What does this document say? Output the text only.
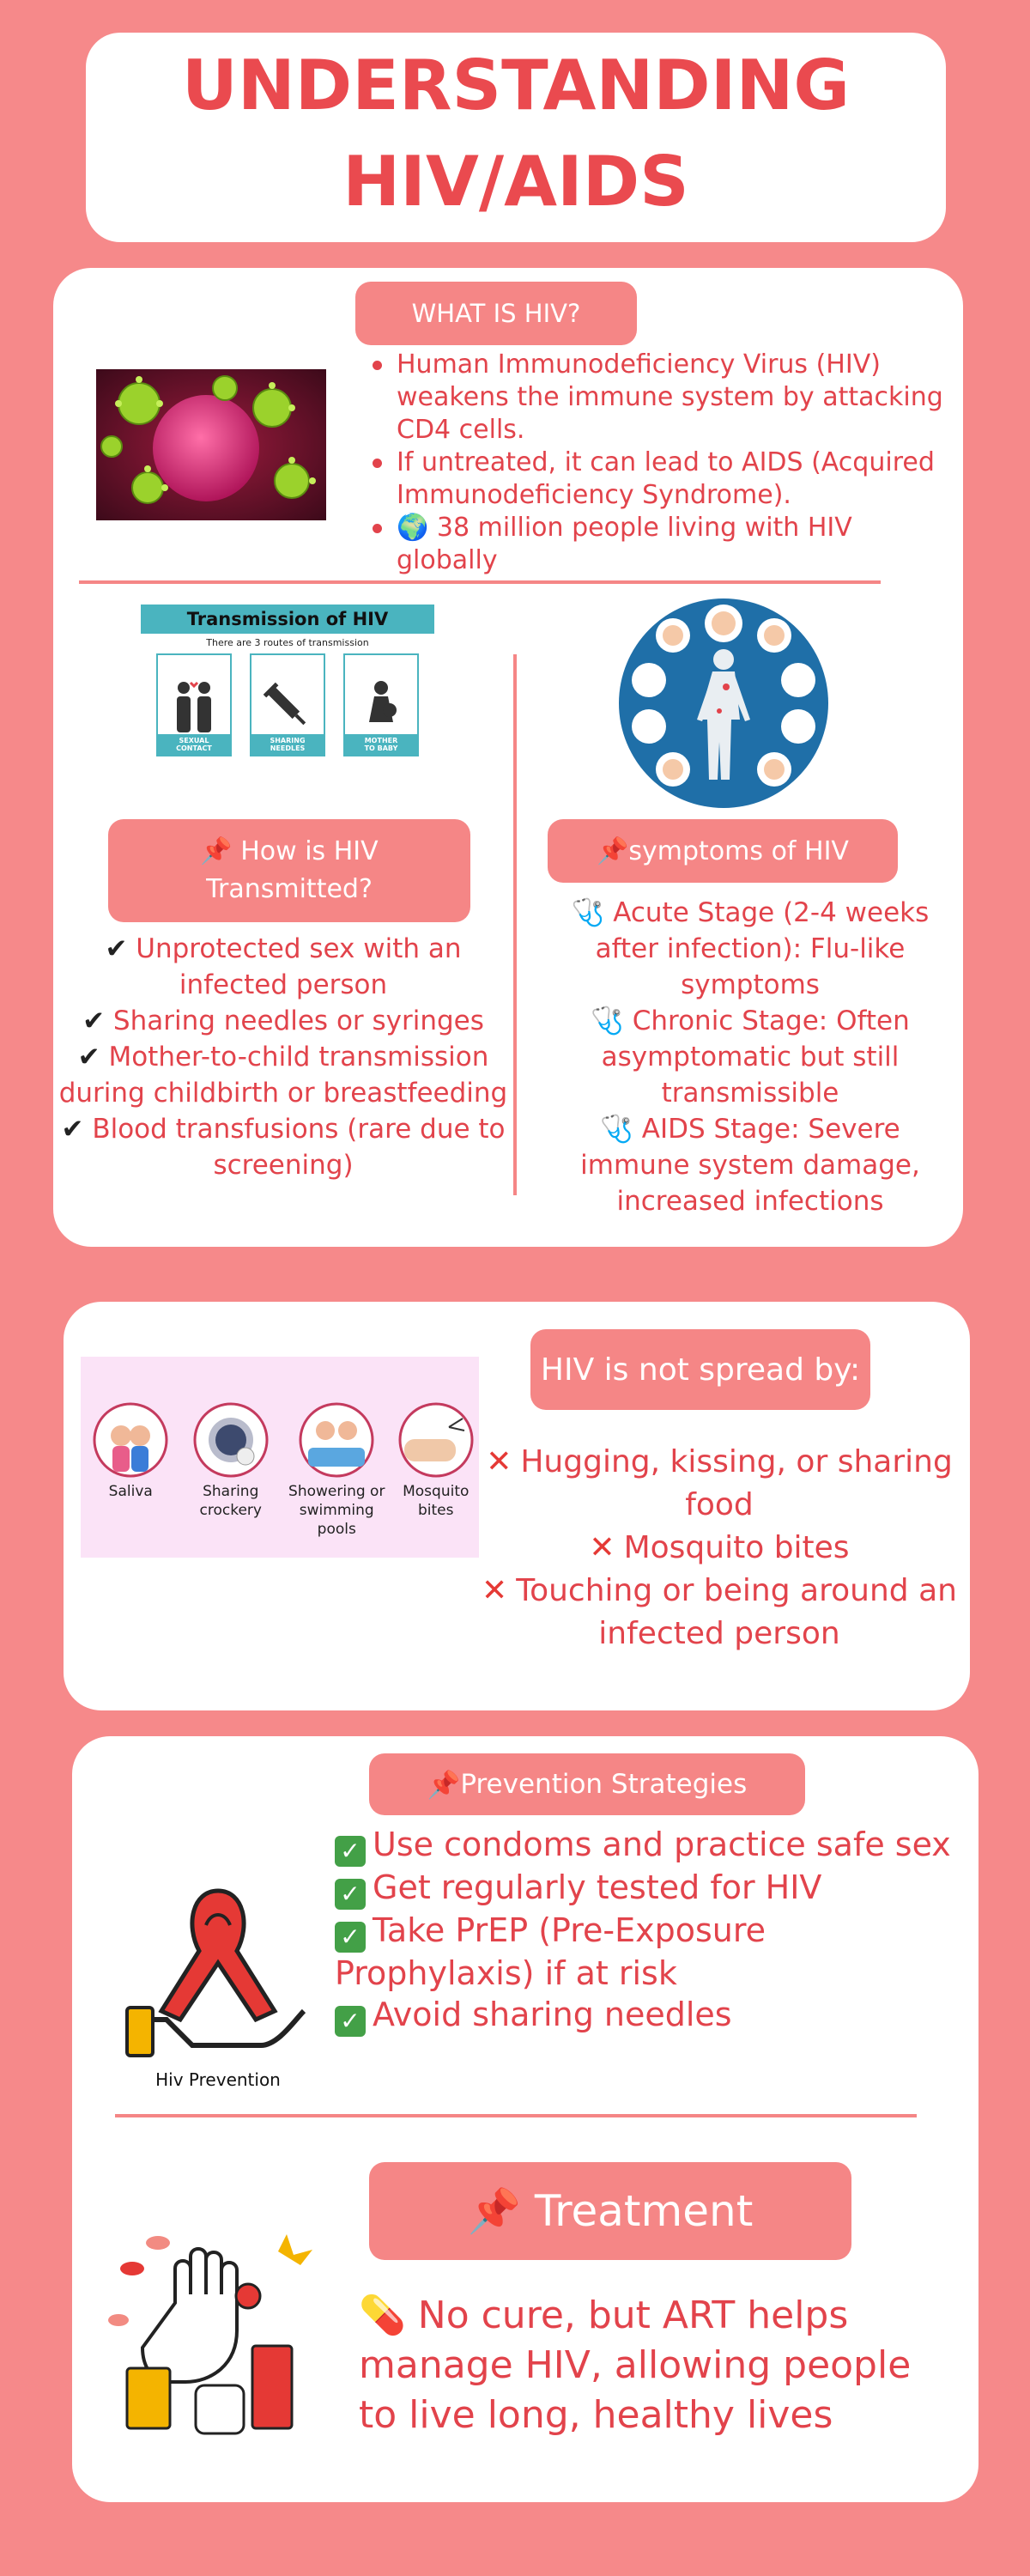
UNDERSTANDING
HIV/AIDS
WHAT IS HIV?
Human Immunodeficiency Virus (HIV) weakens the immune system by attacking CD4 cells.
If untreated, it can lead to AIDS (Acquired Immunodeficiency Syndrome).
🌍 38 million people living with HIV globally
Transmission of HIV
There are 3 routes of transmission
SEXUAL
CONTACT
SHARING
NEEDLES
MOTHER
TO BABY
📌 How is HIV
Transmitted?
✔ Unprotected sex with an infected person
✔ Sharing needles or syringes
✔ Mother-to-child transmission during childbirth or breastfeeding
✔ Blood transfusions (rare due to screening)
📌 symptoms of HIV
🩺 Acute Stage (2-4 weeks after infection): Flu-like symptoms
🩺 Chronic Stage: Often asymptomatic but still transmissible
🩺 AIDS Stage: Severe immune system damage, increased infections
Saliva	Sharing
crockery
Showering or
swimming pools
Mosquito
bites
HIV is not spread by:
✕ Hugging, kissing, or sharing food
✕ Mosquito bites
✕ Touching or being around an infected person
📌 Prevention Strategies
Hiv Prevention
✓ Use condoms and practice safe sex
✓ Get regularly tested for HIV
✓ Take PrEP (Pre-Exposure Prophylaxis) if at risk
✓ Avoid sharing needles
📌
Treatment
💊 No cure, but ART helps manage HIV, allowing people to live long, healthy lives
